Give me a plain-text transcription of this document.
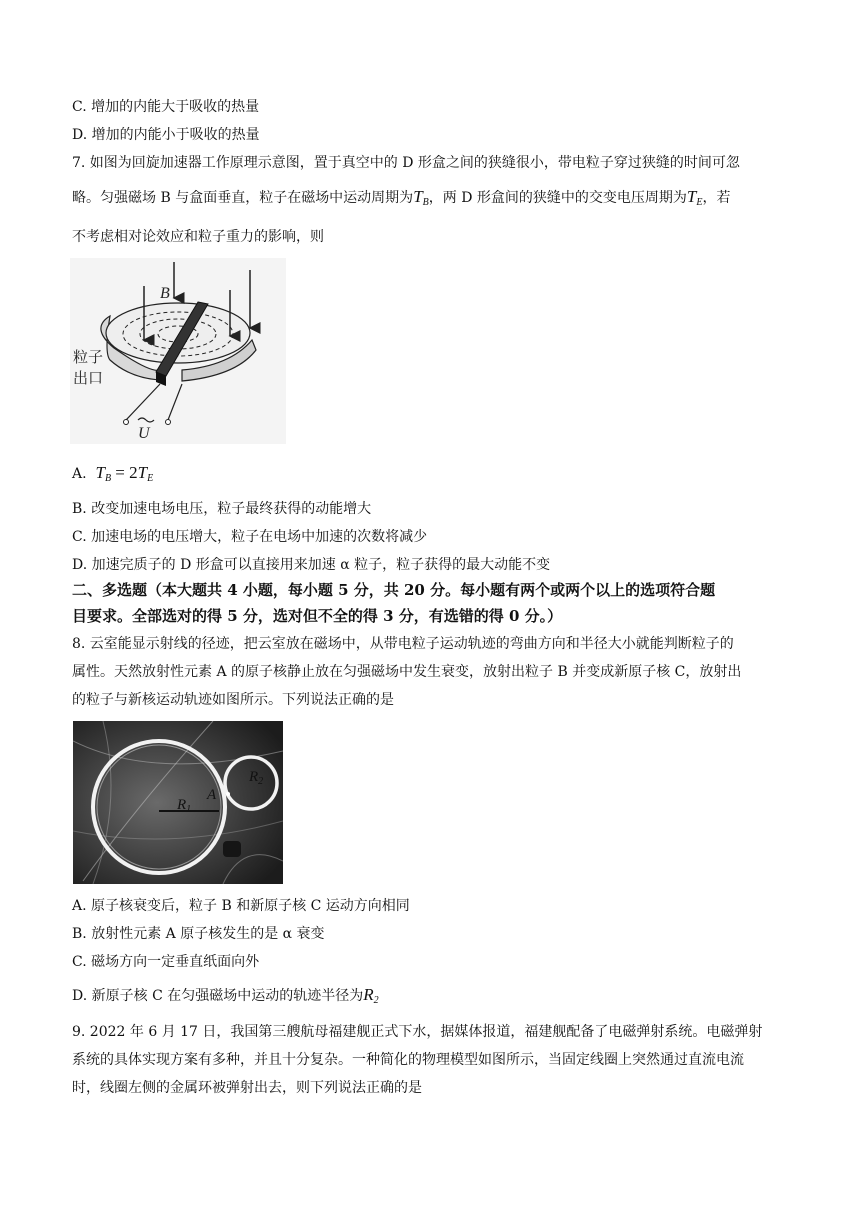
C. 增加的内能大于吸收的热量
D. 增加的内能小于吸收的热量
7. 如图为回旋加速器工作原理示意图，置于真空中的 D 形盒之间的狭缝很小，带电粒子穿过狭缝的时间可忽
略。匀强磁场 B 与盒面垂直，粒子在磁场中运动周期为$T_B$，两 D 形盒间的狭缝中的交变电压周期为$T_E$，若
不考虑相对论效应和粒子重力的影响，则
B
粒子
出口
U
A. $T_B = 2T_E$
B. 改变加速电场电压，粒子最终获得的动能增大
C. 加速电场的电压增大，粒子在电场中加速的次数将减少
D. 加速完质子的 D 形盒可以直接用来加速 α 粒子，粒子获得的最大动能不变
二、多选题（本大题共 4 小题，每小题 5 分，共 20 分。每小题有两个或两个以上的选项符合题
目要求。全部选对的得 5 分，选对但不全的得 3 分，有选错的得 0 分。）
8. 云室能显示射线的径迹，把云室放在磁场中，从带电粒子运动轨迹的弯曲方向和半径大小就能判断粒子的
属性。天然放射性元素 A 的原子核静止放在匀强磁场中发生衰变，放射出粒子 B 并变成新原子核 C，放射出
的粒子与新核运动轨迹如图所示。下列说法正确的是
$R_1$
A
$R_2$
A. 原子核衰变后，粒子 B 和新原子核 C 运动方向相同
B. 放射性元素 A 原子核发生的是 α 衰变
C. 磁场方向一定垂直纸面向外
D. 新原子核 C 在匀强磁场中运动的轨迹半径为$R_2$
9. 2022 年 6 月 17 日，我国第三艘航母福建舰正式下水，据媒体报道，福建舰配备了电磁弹射系统。电磁弹射
系统的具体实现方案有多种，并且十分复杂。一种简化的物理模型如图所示，当固定线圈上突然通过直流电流
时，线圈左侧的金属环被弹射出去，则下列说法正确的是
